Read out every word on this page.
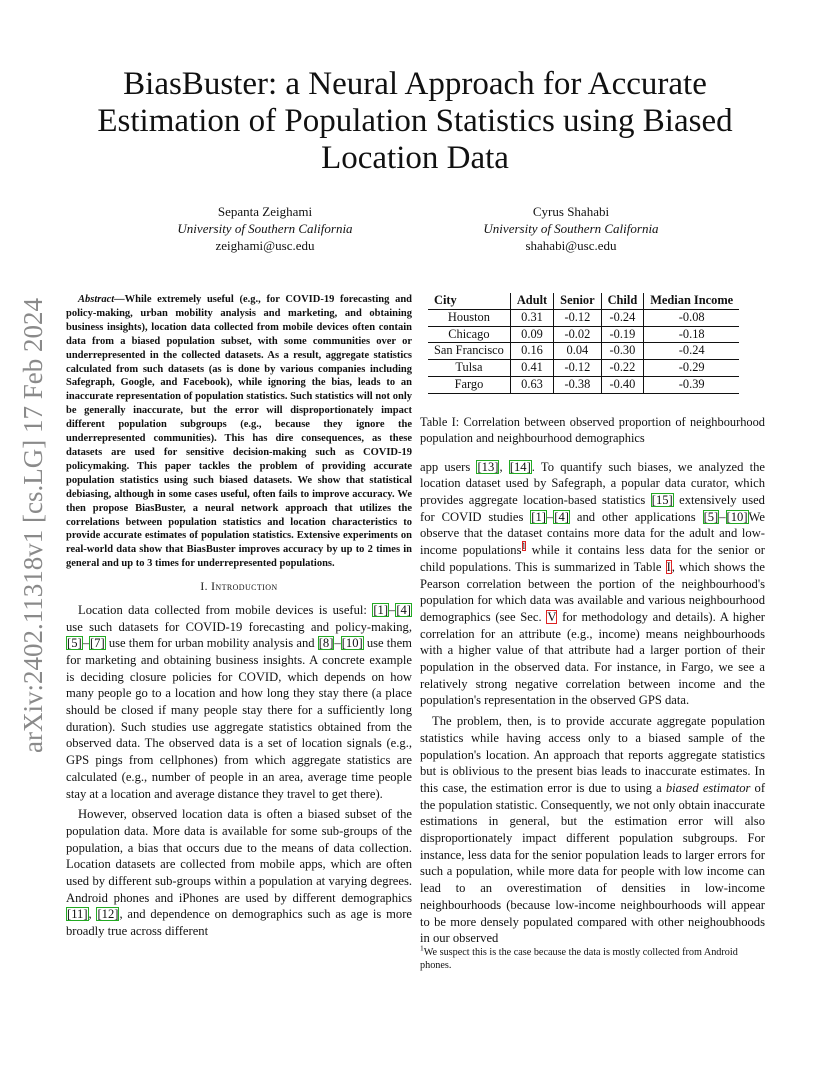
arXiv:2402.11318v1 [cs.LG] 17 Feb 2024
BiasBuster: a Neural Approach for Accurate Estimation of Population Statistics using Biased Location Data
Sepanta Zeighami
University of Southern California
zeighami@usc.edu
Cyrus Shahabi
University of Southern California
shahabi@usc.edu

Abstract—While extremely useful (e.g., for COVID-19 forecasting and policy-making, urban mobility analysis and marketing, and obtaining business insights), location data collected from mobile devices often contain data from a biased population subset, with some communities over or underrepresented in the collected datasets. As a result, aggregate statistics calculated from such datasets (as is done by various companies including Safegraph, Google, and Facebook), while ignoring the bias, leads to an inaccurate representation of population statistics. Such statistics will not only be generally inaccurate, but the error will disproportionately impact different population subgroups (e.g., because they ignore the underrepresented communities). This has dire consequences, as these datasets are used for sensitive decision-making such as COVID-19 policymaking. This paper tackles the problem of providing accurate population statistics using such biased datasets. We show that statistical debiasing, although in some cases useful, often fails to improve accuracy. We then propose BiasBuster, a neural network approach that utilizes the correlations between population statistics and location characteristics to provide accurate estimates of population statistics. Extensive experiments on real-world data show that BiasBuster improves accuracy by up to 2 times in general and up to 3 times for underrepresented populations.

I. Introduction

Location data collected from mobile devices is useful: [1]–[4] use such datasets for COVID-19 forecasting and policy-making, [5]–[7] use them for urban mobility analysis and [8]–[10] use them for marketing and obtaining business insights. A concrete example is deciding closure policies for COVID, which depends on how many people go to a location and how long they stay there (a place should be closed if many people stay there for a sufficiently long duration). Such studies use aggregate statistics obtained from the observed data. The observed data is a set of location signals (e.g., GPS pings from cellphones) from which aggregate statistics are calculated (e.g., number of people in an area, average time people stay at a location and average distance they travel to get there).

However, observed location data is often a biased subset of the population data. More data is available for some sub-groups of the population, a bias that occurs due to the means of data collection. Location datasets are collected from mobile apps, which are often used by different sub-groups within a population at varying degrees. Android phones and iPhones are used by different demographics [11], [12], and dependence on demographics such as age is more broadly true across different

City	Adult	Senior	Child	Median Income
Houston	0.31	-0.12	-0.24	-0.08
Chicago	0.09	-0.02	-0.19	-0.18
San Francisco	0.16	0.04	-0.30	-0.24
Tulsa	0.41	-0.12	-0.22	-0.29
Fargo	0.63	-0.38	-0.40	-0.39

Table I: Correlation between observed proportion of neighbourhood population and neighbourhood demographics

app users [13], [14]. To quantify such biases, we analyzed the location dataset used by Safegraph, a popular data curator, which provides aggregate location-based statistics [15] extensively used for COVID studies [1]–[4] and other applications [5]–[10]We observe that the dataset contains more data for the adult and low-income populations$^1$ while it contains less data for the senior or child populations. This is summarized in Table I, which shows the Pearson correlation between the portion of the neighbourhood's population for which data was available and various neighbourhood demographics (see Sec. V for methodology and details). A higher correlation for an attribute (e.g., income) means neighbourhoods with a higher value of that attribute had a larger portion of their population in the observed data. For instance, in Fargo, we see a relatively strong negative correlation between income and the population's representation in the observed GPS data.

The problem, then, is to provide accurate aggregate population statistics while having access only to a biased sample of the population's location. An approach that reports aggregate statistics but is oblivious to the present bias leads to inaccurate estimates. In this case, the estimation error is due to using a biased estimator of the population statistic. Consequently, we not only obtain inaccurate estimations in general, but the estimation error will also disproportionately impact different population subgroups. For instance, less data for the senior population leads to larger errors for such a population, while more data for people with low income can lead to an overestimation of densities in low-income neighbourhoods (because low-income neighbourhoods will appear to be more densely populated compared with other neighoubhoods in our observed

$^1$We suspect this is the case because the data is mostly collected from Android phones.
